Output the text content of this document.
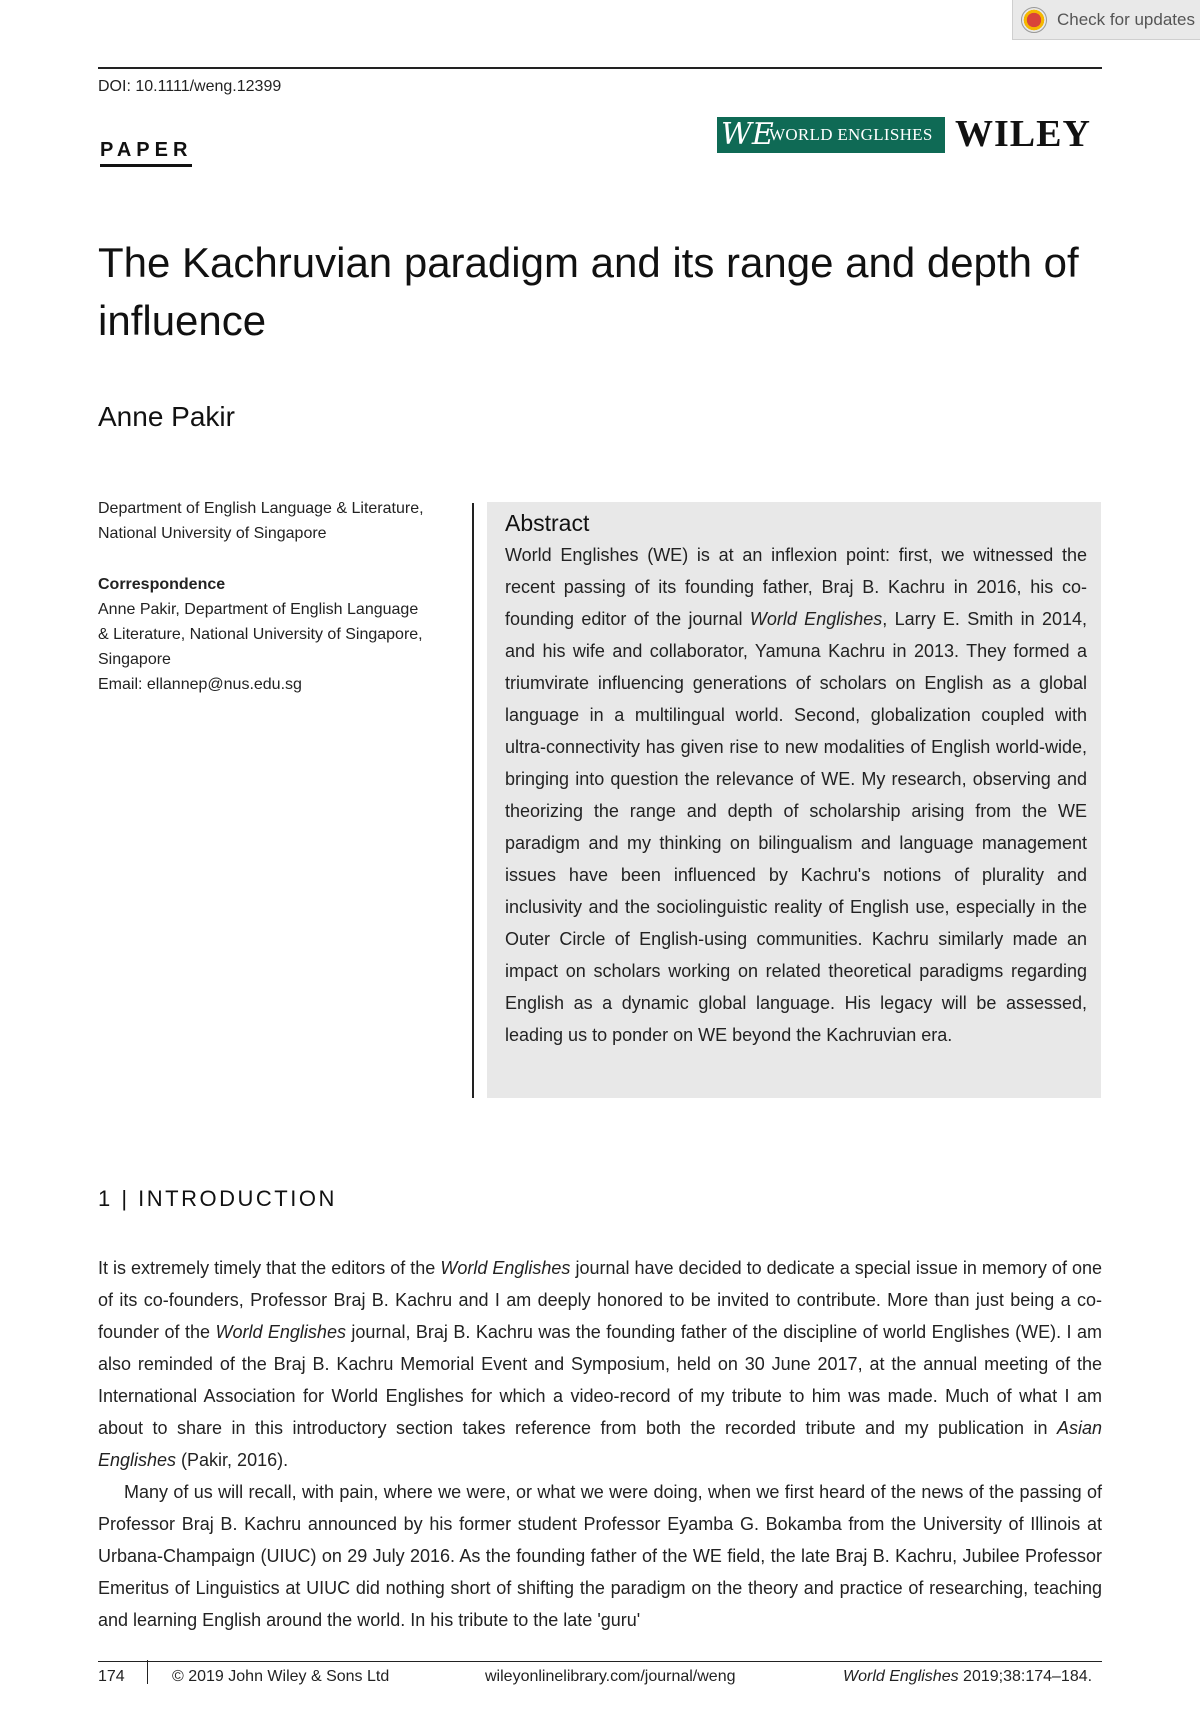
Check for updates
DOI: 10.1111/weng.12399
PAPER	WE
WORLD ENGLISHES WILEY
The Kachruvian paradigm and its range and depth of influence
Anne Pakir
Department of English Language & Literature,
National University of Singapore
Correspondence
Anne Pakir, Department of English Language
& Literature, National University of Singapore,
Singapore
Email: ellannep@nus.edu.sg
Abstract

World Englishes (WE) is at an inflexion point: first, we witnessed the recent passing of its founding father, Braj B. Kachru in 2016, his co-founding editor of the journal World Englishes, Larry E. Smith in 2014, and his wife and collaborator, Yamuna Kachru in 2013. They formed a triumvirate influencing generations of scholars on English as a global language in a multilingual world. Second, globalization coupled with ultra-connectivity has given rise to new modalities of English world-wide, bringing into question the relevance of WE. My research, observing and theorizing the range and depth of scholarship arising from the WE paradigm and my thinking on bilingualism and language management issues have been influenced by Kachru's notions of plurality and inclusivity and the sociolinguistic reality of English use, especially in the Outer Circle of English-using communities. Kachru similarly made an impact on scholars working on related theoretical paradigms regarding English as a dynamic global language. His legacy will be assessed, leading us to ponder on WE beyond the Kachruvian era.

1 | INTRODUCTION

It is extremely timely that the editors of the World Englishes journal have decided to dedicate a special issue in memory of one of its co-founders, Professor Braj B. Kachru and I am deeply honored to be invited to contribute. More than just being a co-founder of the World Englishes journal, Braj B. Kachru was the founding father of the discipline of world Englishes (WE). I am also reminded of the Braj B. Kachru Memorial Event and Symposium, held on 30 June 2017, at the annual meeting of the International Association for World Englishes for which a video-record of my tribute to him was made. Much of what I am about to share in this introductory section takes reference from both the recorded tribute and my publication in Asian Englishes (Pakir, 2016).

Many of us will recall, with pain, where we were, or what we were doing, when we first heard of the news of the passing of Professor Braj B. Kachru announced by his former student Professor Eyamba G. Bokamba from the University of Illinois at Urbana-Champaign (UIUC) on 29 July 2016. As the founding father of the WE field, the late Braj B. Kachru, Jubilee Professor Emeritus of Linguistics at UIUC did nothing short of shifting the paradigm on the theory and practice of researching, teaching and learning English around the world. In his tribute to the late 'guru'

174	© 2019 John Wiley & Sons Ltd	wileyonlinelibrary.com/journal/weng	World Englishes 2019;38:174–184.
